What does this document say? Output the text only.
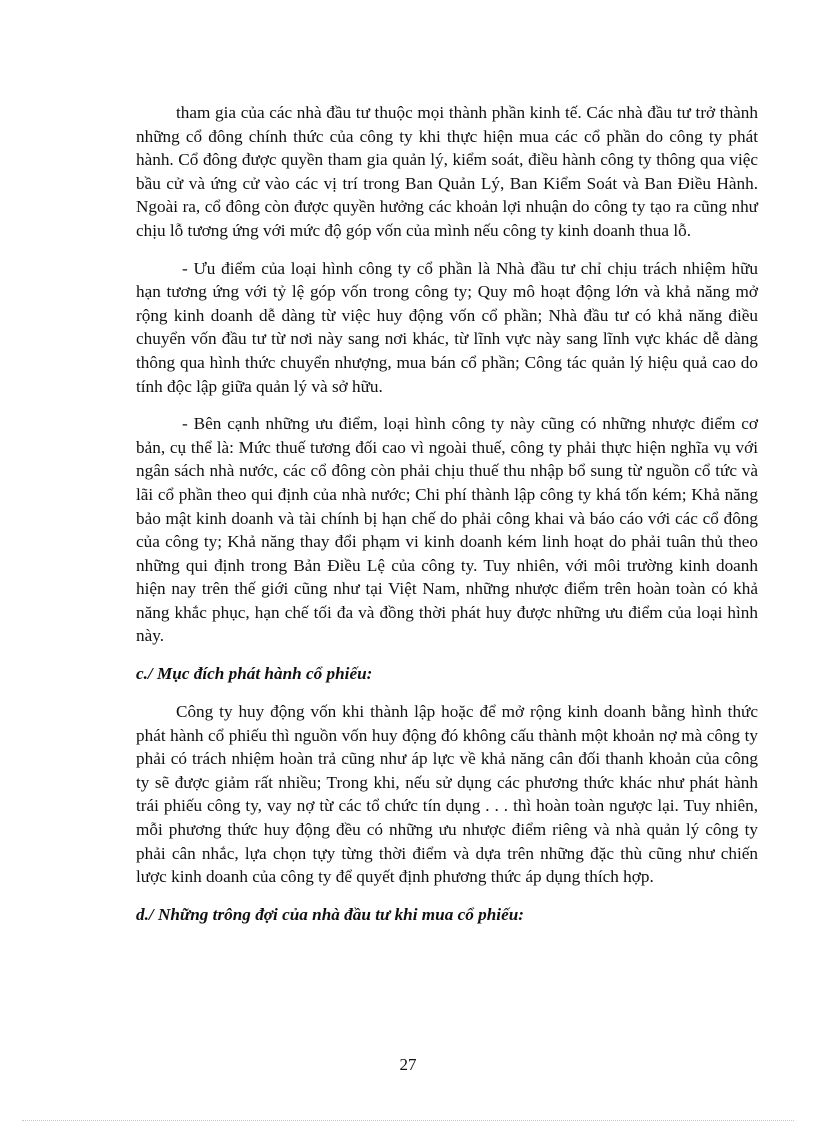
tham gia của các nhà đầu tư thuộc mọi thành phần kinh tế. Các nhà đầu tư trở thành những cổ đông chính thức của công ty khi thực hiện mua các cổ phần do công ty phát hành. Cổ đông được quyền tham gia quản lý, kiểm soát, điều hành công ty thông qua việc bầu cử và ứng cử vào các vị trí trong Ban Quản Lý, Ban Kiểm Soát và Ban Điều Hành. Ngoài ra, cổ đông còn được quyền hưởng các khoản lợi nhuận do công ty tạo ra cũng như chịu lỗ tương ứng với mức độ góp vốn của mình nếu công ty kinh doanh thua lỗ.

- Ưu điểm của loại hình công ty cổ phần là Nhà đầu tư chỉ chịu trách nhiệm hữu hạn tương ứng với tỷ lệ góp vốn trong công ty; Quy mô hoạt động lớn và khả năng mở rộng kinh doanh dễ dàng từ việc huy động vốn cổ phần; Nhà đầu tư có khả năng điều chuyển vốn đầu tư từ nơi này sang nơi khác, từ lĩnh vực này sang lĩnh vực khác dễ dàng thông qua hình thức chuyển nhượng, mua bán cổ phần; Công tác quản lý hiệu quả cao do tính độc lập giữa quản lý và sở hữu.

- Bên cạnh những ưu điểm, loại hình công ty này cũng có những nhược điểm cơ bản, cụ thể là: Mức thuế tương đối cao vì ngoài thuế, công ty phải thực hiện nghĩa vụ với ngân sách nhà nước, các cổ đông còn phải chịu thuế thu nhập bổ sung từ nguồn cổ tức và lãi cổ phần theo qui định của nhà nước; Chi phí thành lập công ty khá tốn kém; Khả năng bảo mật kinh doanh và tài chính bị hạn chế do phải công khai và báo cáo với các cổ đông của công ty; Khả năng thay đổi phạm vi kinh doanh kém linh hoạt do phải tuân thủ theo những qui định trong Bản Điều Lệ của công ty. Tuy nhiên, với môi trường kinh doanh hiện nay trên thế giới cũng như tại Việt Nam, những nhược điểm trên hoàn toàn có khả năng khắc phục, hạn chế tối đa và đồng thời phát huy được những ưu điểm của loại hình này.

c./ Mục đích phát hành cổ phiếu:

Công ty huy động vốn khi thành lập hoặc để mở rộng kinh doanh bằng hình thức phát hành cổ phiếu thì nguồn vốn huy động đó không cấu thành một khoản nợ mà công ty phải có trách nhiệm hoàn trả cũng như áp lực về khả năng cân đối thanh khoản của công ty sẽ được giảm rất nhiều; Trong khi, nếu sử dụng các phương thức khác như phát hành trái phiếu công ty, vay nợ từ các tổ chức tín dụng . . . thì hoàn toàn ngược lại. Tuy nhiên, mỗi phương thức huy động đều có những ưu nhược điểm riêng và nhà quản lý công ty phải cân nhắc, lựa chọn tựy từng thời điểm và dựa trên những đặc thù cũng như chiến lược kinh doanh của công ty để quyết định phương thức áp dụng thích hợp.

d./ Những trông đợi của nhà đầu tư khi mua cổ phiếu:

27
